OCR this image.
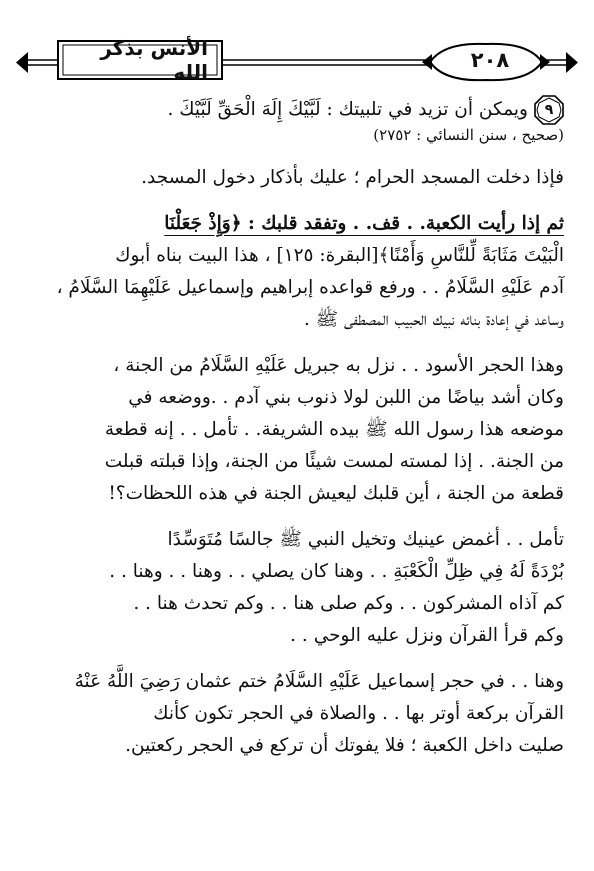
الأنس بذكر الله	٢٠٨
٩
ويمكن أن تزيد في تلبيتك : لَبَّيْكَ إِلَهَ الْحَقِّ لَبَّيْكَ .
(صحيح ، سنن النسائي : ٢٧٥٢)
فإذا دخلت المسجد الحرام ؛ عليك بأذكار دخول المسجد.
ثم إذا رأيت الكعبة. . قف. . وتفقد قلبك : ﴿وَإِذْ جَعَلْنَا
الْبَيْتَ مَثَابَةً لِّلنَّاسِ وَأَمْنًا﴾[البقرة: ١٢٥] ، هذا البيت بناه أبوك
آدم عَلَيْهِ السَّلَامُ . . ورفع قواعده إبراهيم وإسماعيل عَلَيْهِمَا السَّلَامُ ،
وساعد في إعادة بنائه نبيك الحبيب المصطفى ﷺ .
وهذا الحجر الأسود . . نزل به جبريل عَلَيْهِ السَّلَامُ من الجنة ،
وكان أشد بياضًا من اللبن لولا ذنوب بني آدم . .ووضعه في
موضعه هذا رسول الله ﷺ بيده الشريفة. . تأمل . . إنه قطعة
من الجنة. . إذا لمسته لمست شيئًا من الجنة، وإذا قبلته قبلت
قطعة من الجنة ، أين قلبك ليعيش الجنة في هذه اللحظات؟!
تأمل . . أغمض عينيك وتخيل النبي ﷺ جالسًا مُتَوَسِّدًا
بُرْدَةً لَهُ فِي ظِلِّ الْكَعْبَةِ . . وهنا كان يصلي . . وهنا . . وهنا . .
كم آذاه المشركون . . وكم صلى هنا . . وكم تحدث هنا . .
وكم قرأ القرآن ونزل عليه الوحي . .
وهنا . . في حجر إسماعيل عَلَيْهِ السَّلَامُ ختم عثمان رَضِيَ اللَّهُ عَنْهُ
القرآن بركعة أوتر بها . . والصلاة في الحجر تكون كأنك
صليت داخل الكعبة ؛ فلا يفوتك أن تركع في الحجر ركعتين.
